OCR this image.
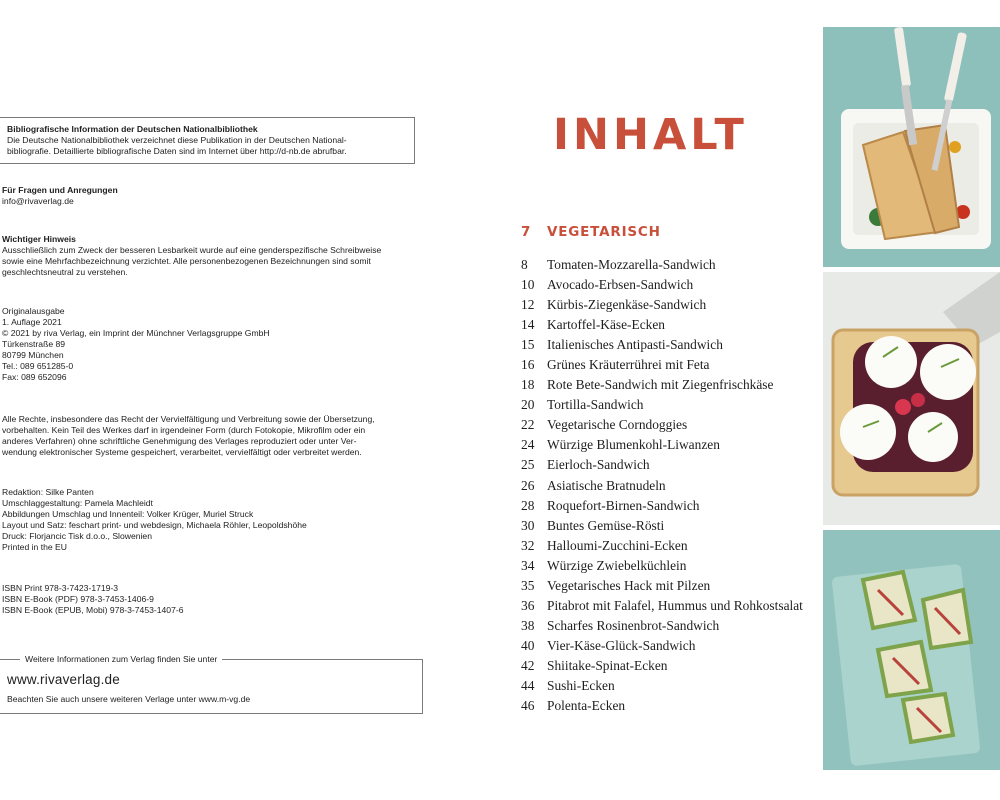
Bibliografische Information der Deutschen Nationalbibliothek
Die Deutsche Nationalbibliothek verzeichnet diese Publikation in der Deutschen National-
bibliografie. Detaillierte bibliografische Daten sind im Internet über http://d-nb.de abrufbar.
Für Fragen und Anregungen
info@rivaverlag.de
Wichtiger Hinweis
Ausschließlich zum Zweck der besseren Lesbarkeit wurde auf eine genderspezifische Schreibweise
sowie eine Mehrfachbezeichnung verzichtet. Alle personenbezogenen Bezeichnungen sind somit
geschlechtsneutral zu verstehen.
Originalausgabe
1. Auflage 2021
© 2021 by riva Verlag, ein Imprint der Münchner Verlagsgruppe GmbH
Türkenstraße 89
80799 München
Tel.: 089 651285-0
Fax: 089 652096
Alle Rechte, insbesondere das Recht der Vervielfältigung und Verbreitung sowie der Übersetzung,
vorbehalten. Kein Teil des Werkes darf in irgendeiner Form (durch Fotokopie, Mikrofilm oder ein
anderes Verfahren) ohne schriftliche Genehmigung des Verlages reproduziert oder unter Ver-
wendung elektronischer Systeme gespeichert, verarbeitet, vervielfältigt oder verbreitet werden.
Redaktion: Silke Panten
Umschlaggestaltung: Pamela Machleidt
Abbildungen Umschlag und Innenteil: Volker Krüger, Muriel Struck
Layout und Satz: feschart print- und webdesign, Michaela Röhler, Leopoldshöhe
Druck: Florjancic Tisk d.o.o., Slowenien
Printed in the EU
ISBN Print 978-3-7423-1719-3
ISBN E-Book (PDF) 978-3-7453-1406-9
ISBN E-Book (EPUB, Mobi) 978-3-7453-1407-6
Weitere Informationen zum Verlag finden Sie unter
www.rivaverlag.de
Beachten Sie auch unsere weiteren Verlage unter www.m-vg.de
INHALT
7 VEGETARISCH
8 Tomaten-Mozzarella-Sandwich
10 Avocado-Erbsen-Sandwich
12 Kürbis-Ziegenkäse-Sandwich
14 Kartoffel-Käse-Ecken
15 Italienisches Antipasti-Sandwich
16 Grünes Kräuterrührei mit Feta
18 Rote Bete-Sandwich mit Ziegenfrischkäse
20 Tortilla-Sandwich
22 Vegetarische Corndoggies
24 Würzige Blumenkohl-Liwanzen
25 Eierloch-Sandwich
26 Asiatische Bratnudeln
28 Roquefort-Birnen-Sandwich
30 Buntes Gemüse-Rösti
32 Halloumi-Zucchini-Ecken
34 Würzige Zwiebelküchlein
35 Vegetarisches Hack mit Pilzen
36 Pitabrot mit Falafel, Hummus und Rohkostsalat
38 Scharfes Rosinenbrot-Sandwich
40 Vier-Käse-Glück-Sandwich
42 Shiitake-Spinat-Ecken
44 Sushi-Ecken
46 Polenta-Ecken
